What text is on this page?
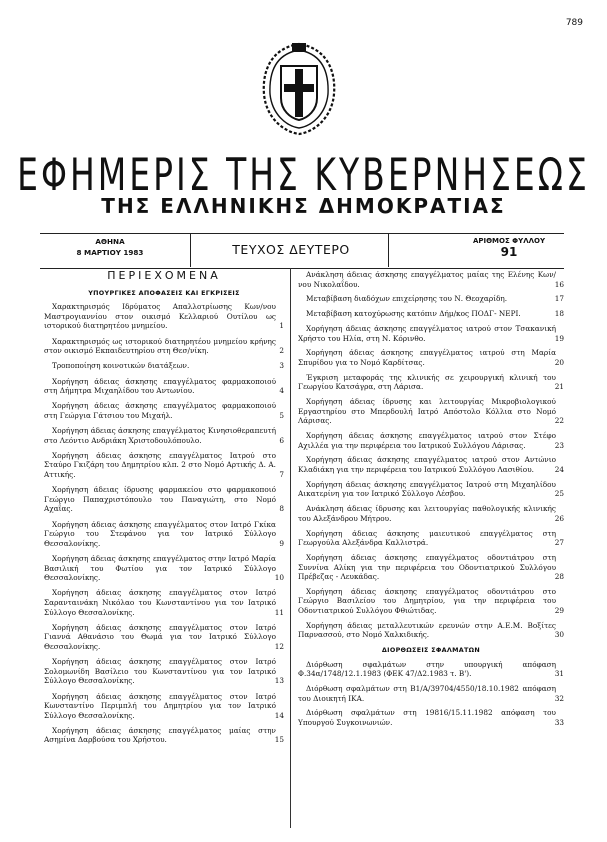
789
ΕΦΗΜΕΡΙΣ ΤΗΣ ΚΥΒΕΡΝΗΣΕΩΣ
ΤΗΣ ΕΛΛΗΝΙΚΗΣ ΔΗΜΟΚΡΑΤΙΑΣ
ΑΘΗΝΑ
8 ΜΑΡΤΙΟΥ 1983	ΤΕΥΧΟΣ ΔΕΥΤΕΡΟ
ΑΡΙΘΜΟΣ ΦΥΛΛΟΥ
91
ΠΕΡΙΕΧΟΜΕΝΑ
ΥΠΟΥΡΓΙΚΕΣ ΑΠΟΦΑΣΕΙΣ ΚΑΙ ΕΓΚΡΙΣΕΙΣ
Χαρακτηρισμός Ιδρύματος Απαλλοτρίωσης Κων/νου Μαστρογιαννίου στον οικισμό Κελλαριού Ουτίλου ως ιστορικού διατηρητέου μνημείου.	1
Χαρακτηρισμός ως ιστορικού διατηρητέου μνημείου κρήνης στον οικισμό Εκπαιδευτηρίου στη Θεσ/νίκη.	2
Τροποποίηση κοινοτικών διατάξεων.	3
Χορήγηση άδειας άσκησης επαγγέλματος φαρμακοποιού στη Δήμητρα Μιχαηλίδου του Αντωνίου.	4
Χορήγηση άδειας άσκησης επαγγέλματος φαρμακοποιού στη Γεώργια Γάτσιου του Μιχαήλ.	5
Χορήγηση άδειας άσκησης επαγγέλματος Κινησιοθεραπευτή στο Λεόντιο Ανδριάκη Χριστοδουλόπουλο.	6
Χορήγηση άδειας άσκησης επαγγέλματος Ιατρού στο Σταύρο Γκιζάρη του Δημητρίου κλπ. 2 στο Νομό Αρτικής Δ. Α. Αττικής.	7
Χορήγηση άδειας ίδρυσης φαρμακείου στο φαρμακοποιό Γεώργιο Παπαχριστόπουλο του Παναγιώτη, στο Νομό Αχαΐας.	8
Χορήγηση άδειας άσκησης επαγγέλματος στον Ιατρό Γκίκα Γεώργιο του Στεφάνου για τον Ιατρικό Σύλλογο Θεσσαλονίκης.	9
Χορήγηση άδειας άσκησης επαγγέλματος στην Ιατρό Μαρία Βασιλική του Φωτίου για τον Ιατρικό Σύλλογο Θεσσαλονίκης.	10
Χορήγηση άδειας άσκησης επαγγέλματος στον Ιατρό Σαρανταινάκη Νικόλαο του Κωνσταντίνου για τον Ιατρικό Σύλλογο Θεσσαλονίκης.	11
Χορήγηση άδειας άσκησης επαγγέλματος στον Ιατρό Γιαννά Αθανάσιο του Θωμά για τον Ιατρικό Σύλλογο Θεσσαλονίκης.	12
Χορήγηση άδειας άσκησης επαγγέλματος στον Ιατρό Σολομωνίδη Βασίλειο του Κωνσταντίνου για τον Ιατρικό Σύλλογο Θεσσαλονίκης.	13
Χορήγηση άδειας άσκησης επαγγέλματος στον Ιατρό Κωνσταντίνο Περιμπλή του Δημητρίου για τον Ιατρικό Σύλλογο Θεσσαλονίκης.	14
Χορήγηση άδειας άσκησης επαγγέλματος μαίας στην Ασημίνα Δαρβούσα του Χρήστου.	15
Ανάκληση άδειας άσκησης επαγγέλματος μαίας της Ελένης Κων/νου Νικολαΐδου.	16
Μεταβίβαση διαδόχων επιχείρησης του Ν. Θεοχαρίδη.	17
Μεταβίβαση κατοχύρωσης κατόπιν Δήμ/κος ΠΟΔΓ- ΝΕΡΙ.	18
Χορήγηση άδειας άσκησης επαγγέλματος ιατρού στον Τσακανική Χρήστο του Ηλία, στη Ν. Κόρινθο.	19
Χορήγηση άδειας άσκησης επαγγέλματος ιατρού στη Μαρία Σπυρίδου για το Νομό Καρδίτσας.	20
Έγκριση μεταφοράς της κλινικής σε χειρουργική κλινική του Γεωργίου Κατσάγρα, στη Λάρισα.	21
Χορήγηση άδειας ίδρυσης και λειτουργίας Μικροβιολογικού Εργαστηρίου στο Μπερδουλή Ιατρό Απόστολο Κόλλια στο Νομό Λάρισας.	22
Χορήγηση άδειας άσκησης επαγγέλματος ιατρού στον Στέφο Αχιλλέα για την περιφέρεια του Ιατρικού Συλλόγου Λάρισας.	23
Χορήγηση άδειας άσκησης επαγγέλματος ιατρού στον Αντώνιο Κλαδιάκη για την περιφέρεια του Ιατρικού Συλλόγου Λασιθίου.	24
Χορήγηση άδειας άσκησης επαγγέλματος Ιατρού στη Μιχαηλίδου Αικατερίνη για τον Ιατρικό Σύλλογο Λέσβου.	25
Ανάκληση άδειας ίδρυσης και λειτουργίας παθολογικής κλινικής του Αλεξάνδρου Μήτρου.	26
Χορήγηση άδειας άσκησης μαιευτικού επαγγέλματος στη Γεωργούλα Αλεξάνδρα Καλλιστρά.	27
Χορήγηση άδειας άσκησης επαγγέλματος οδοντιάτρου στη Συννίνα Αλίκη για την περιφέρεια του Οδοντιατρικού Συλλόγου Πρέβεζας - Λευκάδας.	28
Χορήγηση άδειας άσκησης επαγγέλματος οδοντιάτρου στο Γεώργιο Βασιλείου του Δημητρίου, για την περιφέρεια του Οδοντιατρικού Συλλόγου Φθιώτιδας.	29
Χορήγηση άδειας μεταλλευτικών ερευνών στην Α.Ε.Μ. Βοξίτες Παρνασσού, στο Νομό Χαλκιδικής.	30
ΔΙΟΡΘΩΣΕΙΣ ΣΦΑΛΜΑΤΩΝ
Διόρθωση σφαλμάτων στην υπουργική απόφαση Φ.34α/1748/12.1.1983 (ΦΕΚ 47/Δ2.1983 τ. Β').	31
Διόρθωση σφαλμάτων στη Β1/Α/39704/4550/18.10.1982 απόφαση του Διοικητή ΙΚΑ.	32
Διόρθωση σφαλμάτων στη 19816/15.11.1982 απόφαση του Υπουργού Συγκοινωνιών.	33
